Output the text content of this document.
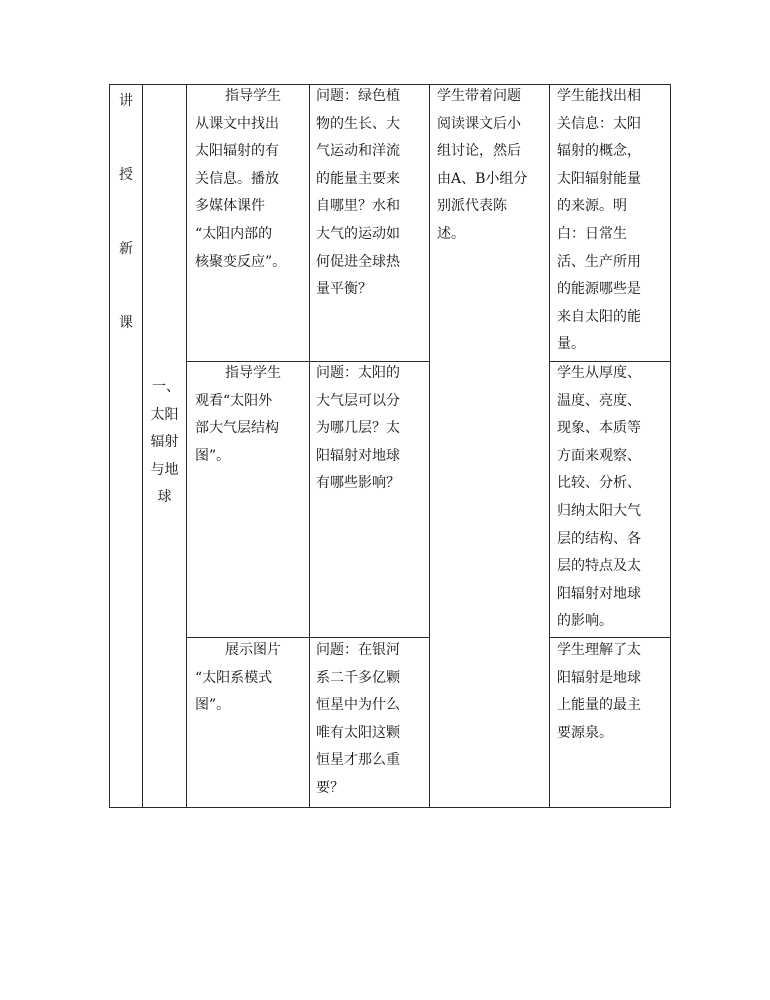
讲

授

新

课

一、

太阳

辐射

与地

球

指导学生

从课文中找出

太阳辐射的有

关信息。播放

多媒体课件

“太阳内部的

核聚变反应”。

问题：绿色植

物的生长、大

气运动和洋流

的能量主要来

自哪里？水和

大气的运动如

何促进全球热

量平衡？

学生带着问题

阅读课文后小

组讨论，然后

由A、B小组分

别派代表陈

述。

学生能找出相

关信息：太阳

辐射的概念，

太阳辐射能量

的来源。明

白：日常生

活、生产所用

的能源哪些是

来自太阳的能

量。

指导学生

观看“太阳外

部大气层结构

图”。

问题：太阳的

大气层可以分

为哪几层？太

阳辐射对地球

有哪些影响？

学生从厚度、

温度、亮度、

现象、本质等

方面来观察、

比较、分析、

归纳太阳大气

层的结构、各

层的特点及太

阳辐射对地球

的影响。

展示图片

“太阳系模式

图”。

问题：在银河

系二千多亿颗

恒星中为什么

唯有太阳这颗

恒星才那么重

要？

学生理解了太

阳辐射是地球

上能量的最主

要源泉。
